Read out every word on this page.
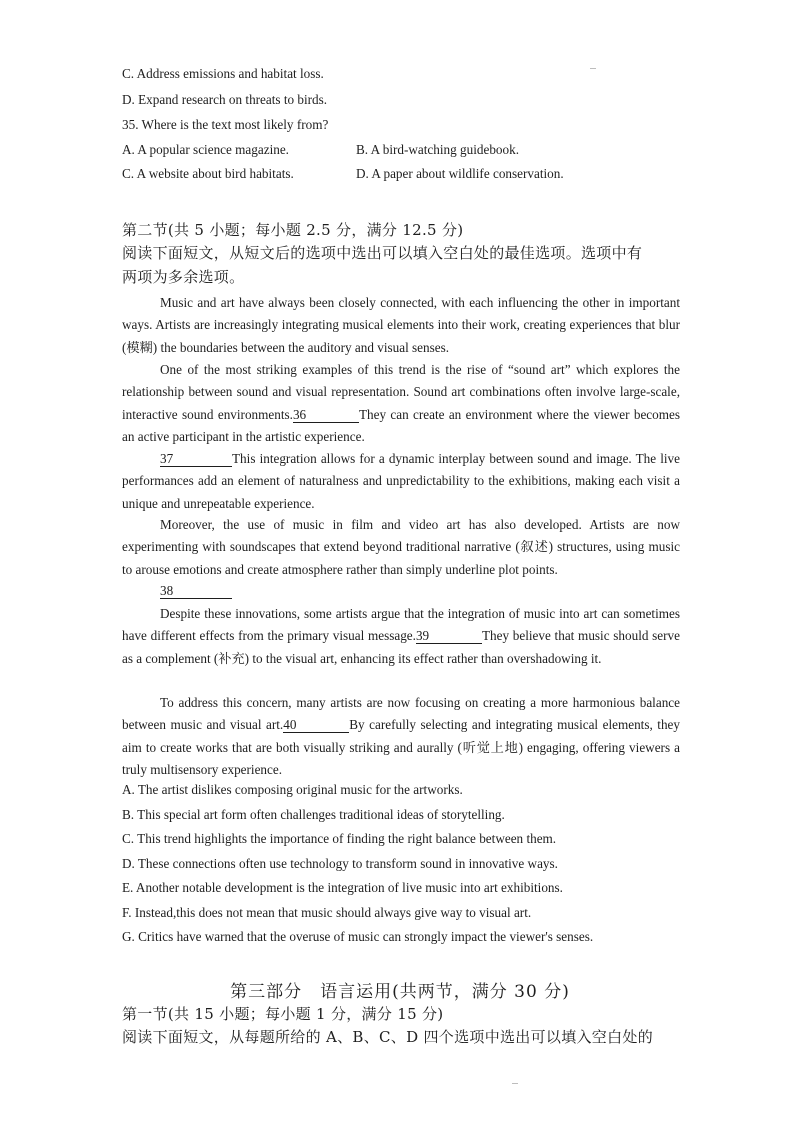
C. Address emissions and habitat loss.
D. Expand research on threats to birds.
35. Where is the text most likely from?
A. A popular science magazine.	B. A bird-watching guidebook.
C. A website about bird habitats.	D. A paper about wildlife conservation.
第二节(共 5 小题；每小题 2.5 分，满分 12.5 分)
阅读下面短文，从短文后的选项中选出可以填入空白处的最佳选项。选项中有
两项为多余选项。
Music and art have always been closely connected, with each influencing the other in important ways. Artists are increasingly integrating musical elements into their work, creating experiences that blur (模糊) the boundaries between the auditory and visual senses.
One of the most striking examples of this trend is the rise of “sound art” which explores the relationship between sound and visual representation. Sound art combinations often involve large-scale, interactive sound environments.36	They can create an environment where the viewer becomes an active participant in the artistic experience.
37	This integration allows for a dynamic interplay between sound and image. The live performances add an element of naturalness and unpredictability to the exhibitions, making each visit a unique and unrepeatable experience.
Moreover, the use of music in film and video art has also developed. Artists are now experimenting with soundscapes that extend beyond traditional narrative (叙述) structures, using music to arouse emotions and create atmosphere rather than simply underline plot points.
38
Despite these innovations, some artists argue that the integration of music into art can sometimes have different effects from the primary visual message.39	They believe that music should serve as a complement (补充) to the visual art, enhancing its effect rather than overshadowing it.
To address this concern, many artists are now focusing on creating a more harmonious balance between music and visual art.40	By carefully selecting and integrating musical elements, they aim to create works that are both visually striking and aurally (听觉上地) engaging, offering viewers a truly multisensory experience.
A. The artist dislikes composing original music for the artworks.
B. This special art form often challenges traditional ideas of storytelling.
C. This trend highlights the importance of finding the right balance between them.
D. These connections often use technology to transform sound in innovative ways.
E. Another notable development is the integration of live music into art exhibitions.
F. Instead,this does not mean that music should always give way to visual art.
G. Critics have warned that the overuse of music can strongly impact the viewer's senses.
第三部分　语言运用(共两节，满分 30 分)
第一节(共 15 小题；每小题 1 分，满分 15 分)
阅读下面短文，从每题所给的 A、B、C、D 四个选项中选出可以填入空白处的
